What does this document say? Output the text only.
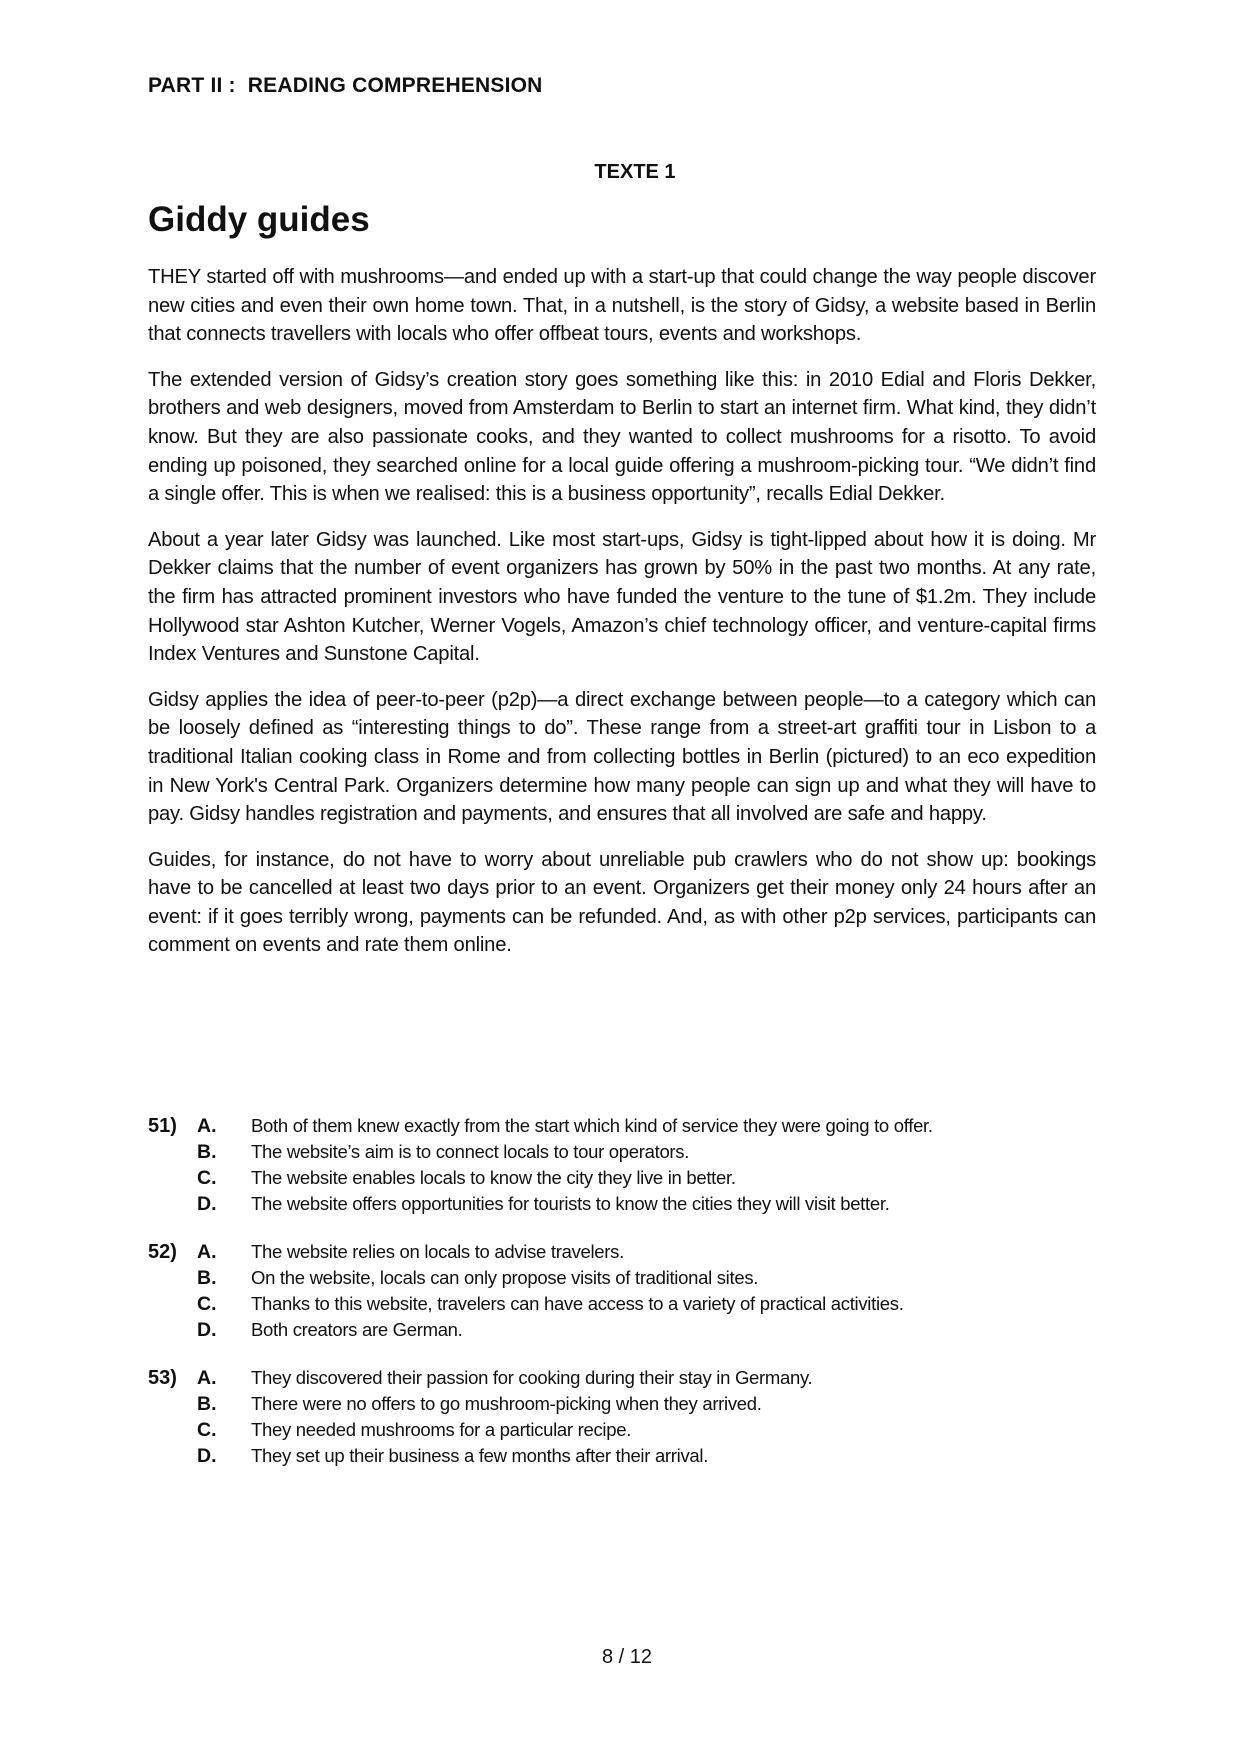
PART II :  READING COMPREHENSION
TEXTE 1
Giddy guides

THEY started off with mushrooms—and ended up with a start-up that could change the way people discover new cities and even their own home town. That, in a nutshell, is the story of Gidsy, a website based in Berlin that connects travellers with locals who offer offbeat tours, events and workshops.

The extended version of Gidsy’s creation story goes something like this: in 2010 Edial and Floris Dekker, brothers and web designers, moved from Amsterdam to Berlin to start an internet firm. What kind, they didn’t know. But they are also passionate cooks, and they wanted to collect mushrooms for a risotto. To avoid ending up poisoned, they searched online for a local guide offering a mushroom-picking tour. “We didn’t find a single offer. This is when we realised: this is a business opportunity”, recalls Edial Dekker.

About a year later Gidsy was launched. Like most start-ups, Gidsy is tight-lipped about how it is doing. Mr Dekker claims that the number of event organizers has grown by 50% in the past two months. At any rate, the firm has attracted prominent investors who have funded the venture to the tune of $1.2m. They include Hollywood star Ashton Kutcher, Werner Vogels, Amazon’s chief technology officer, and venture-capital firms Index Ventures and Sunstone Capital.

Gidsy applies the idea of peer-to-peer (p2p)—a direct exchange between people—to a category which can be loosely defined as “interesting things to do”. These range from a street-art graffiti tour in Lisbon to a traditional Italian cooking class in Rome and from collecting bottles in Berlin (pictured) to an eco expedition in New York's Central Park. Organizers determine how many people can sign up and what they will have to pay. Gidsy handles registration and payments, and ensures that all involved are safe and happy.

Guides, for instance, do not have to worry about unreliable pub crawlers who do not show up: bookings have to be cancelled at least two days prior to an event. Organizers get their money only 24 hours after an event: if it goes terribly wrong, payments can be refunded. And, as with other p2p services, participants can comment on events and rate them online.

51) A. Both of them knew exactly from the start which kind of service they were going to offer.
B. The website’s aim is to connect locals to tour operators.
C. The website enables locals to know the city they live in better.
D. The website offers opportunities for tourists to know the cities they will visit better.
52) A. The website relies on locals to advise travelers.
B. On the website, locals can only propose visits of traditional sites.
C. Thanks to this website, travelers can have access to a variety of practical activities.
D. Both creators are German.
53) A. They discovered their passion for cooking during their stay in Germany.
B. There were no offers to go mushroom-picking when they arrived.
C. They needed mushrooms for a particular recipe.
D. They set up their business a few months after their arrival.
8 / 12
